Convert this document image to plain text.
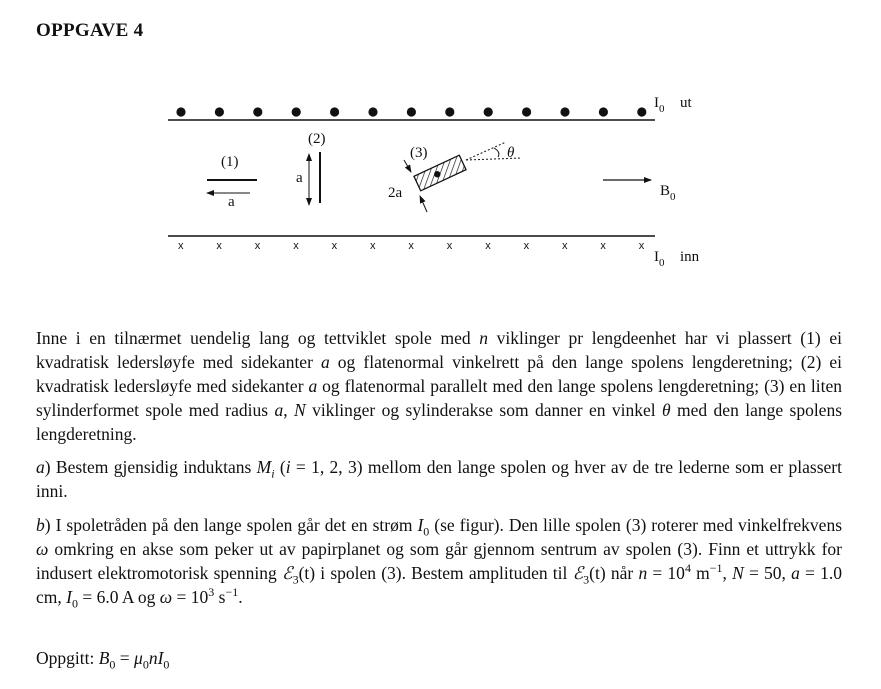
OPPGAVE 4
x	x	x	x	x	x	x	x	x	x	x	x	x
$I_0$ ut
$I_0$ inn
(1)
a
(2)
a
(3)	θ
2a	$B_0$
Inne i en tilnærmet uendelig lang og tettviklet spole med n viklinger pr lengdeenhet har vi plassert (1) ei kvadratisk ledersløyfe med sidekanter a og flatenormal vinkelrett på den lange spolens lengderetning; (2) ei kvadratisk ledersløyfe med sidekanter a og flatenormal parallelt med den lange spolens lengderetning; (3) en liten sylinderformet spole med radius a, N viklinger og sylinderakse som danner en vinkel θ med den lange spolens lengderetning.
a) Bestem gjensidig induktans $M_i$ (i = 1, 2, 3) mellom den lange spolen og hver av de tre lederne som er plassert inni.
b) I spoletråden på den lange spolen går det en strøm $I_0$ (se figur). Den lille spolen (3) roterer med vinkelfrekvens ω omkring en akse som peker ut av papirplanet og som går gjennom sentrum av spolen (3). Finn et uttrykk for indusert elektromotorisk spenning ℰ$_3$(t) i spolen (3). Bestem amplituden til ℰ$_3$(t) når $n = 10^4$ $m^{-1}$, N = 50, a = 1.0 cm, $I_0 = 6.0$ A og $\omega = 10^3$ $s^{-1}$.
Oppgitt: $B_0 = \mu_0nI_0$
